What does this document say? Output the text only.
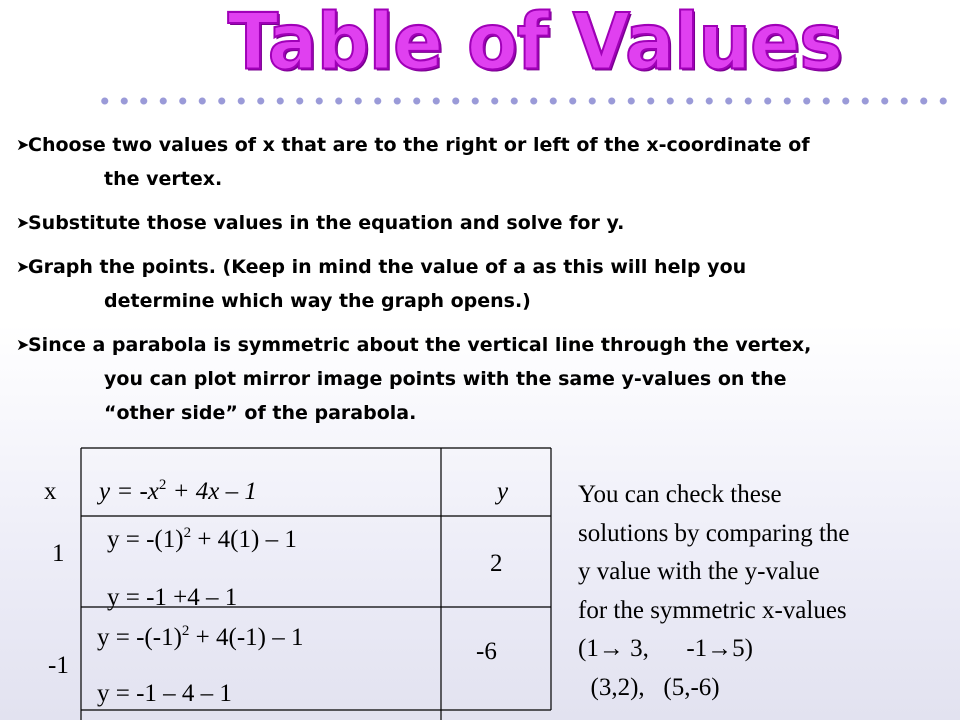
Table of Values

➤
Choose two values of x that are to the right or left of the x-coordinate of
the vertex.

➤
Substitute those values in the equation and solve for y.

➤
Graph the points. (Keep in mind the value of a as this will help you
determine which way the graph opens.)

➤
Since a parabola is symmetric about the vertical line through the vertex,
you can plot mirror image points with the same y-values on the
“other side” of the parabola.

x $y = -x^2 + 4x - 1$	y
1
$y = -(1)^2 + 4(1) - 1$
y = -1 +4 – 1
2
-1
$y = -(-1)^2 + 4(-1) - 1$
y = -1 – 4 – 1
-6
You can check these
solutions by comparing the
y value with the y-value
for the symmetric x-values
(1→ 3,      -1→5)
(3,2),   (5,-6)
